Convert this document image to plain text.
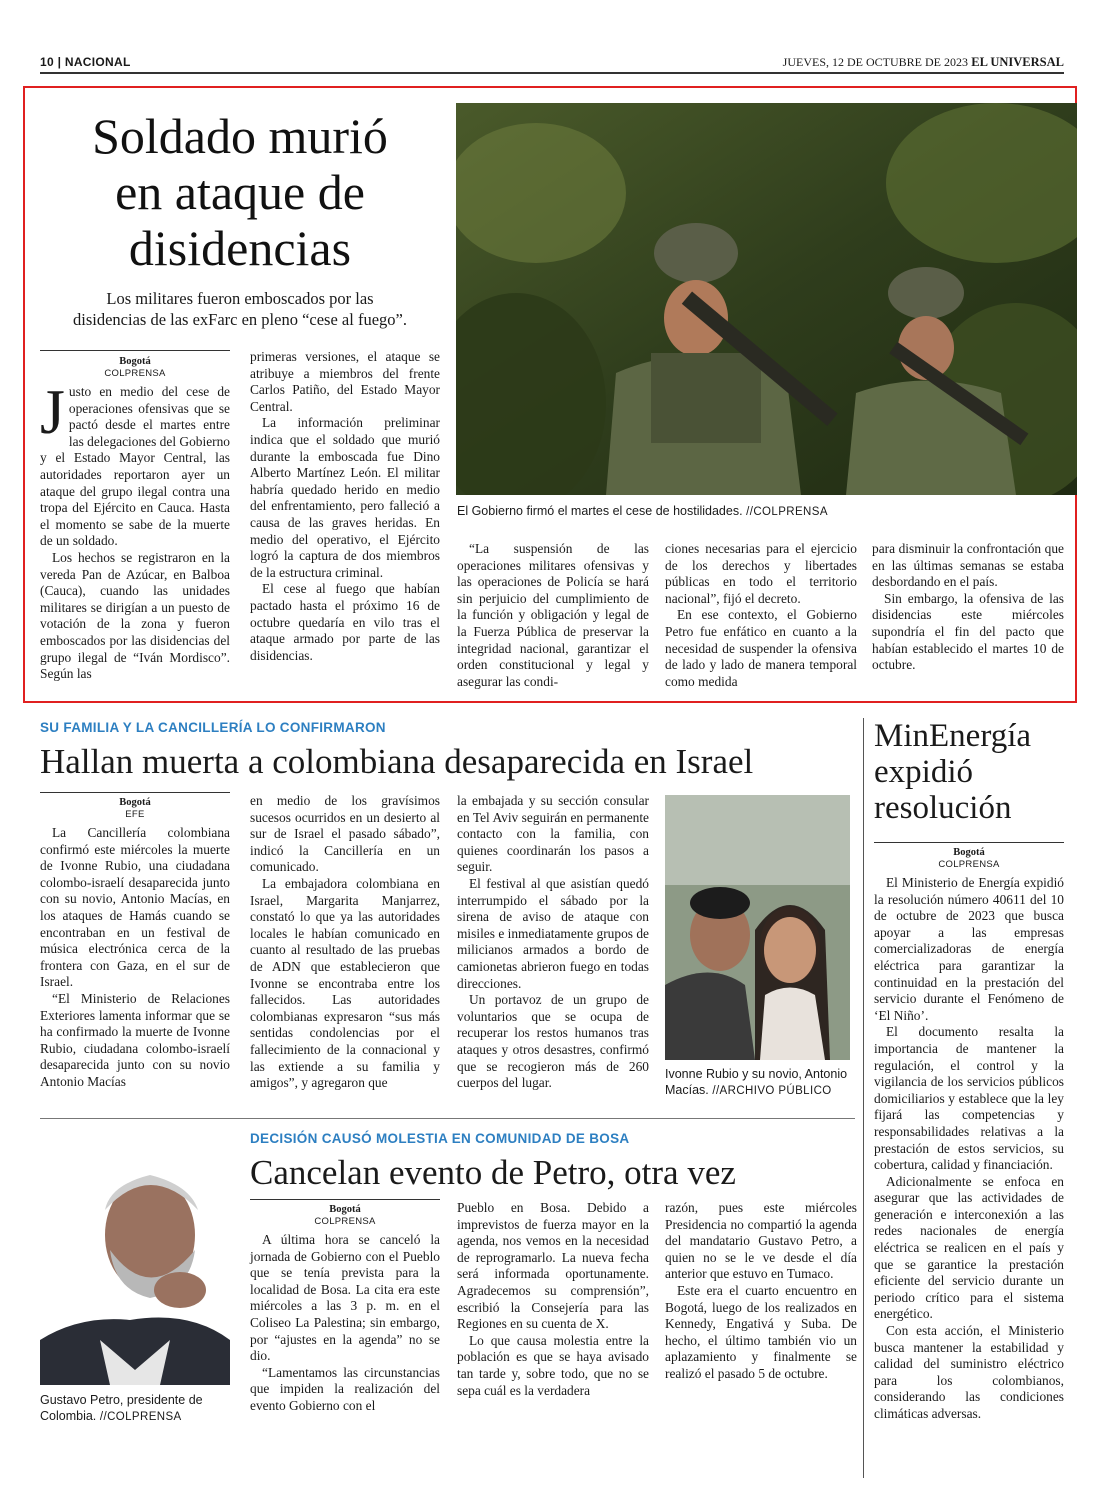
10 | NACIONAL	JUEVES, 12 DE OCTUBRE DE 2023 EL UNIVERSAL
Soldado murió
en ataque de
disidencias
Los militares fueron emboscados por las
disidencias de las exFarc en pleno “cese al fuego”.
El Gobierno firmó el martes el cese de hostilidades. //COLPRENSA
Bogotá
COLPRENSA

Justo en medio del cese de operaciones ofensivas que se pactó desde el martes entre las delegaciones del Gobierno y el Estado Mayor Central, las autoridades reportaron ayer un ataque del grupo ilegal contra una tropa del Ejército en Cauca. Hasta el momento se sabe de la muerte de un soldado.

Los hechos se registraron en la vereda Pan de Azúcar, en Balboa (Cauca), cuando las unidades militares se dirigían a un puesto de votación de la zona y fueron emboscados por las disidencias del grupo ilegal de “Iván Mordisco”. Según las

primeras versiones, el ataque se atribuye a miembros del frente Carlos Patiño, del Estado Mayor Central.

La información preliminar indica que el soldado que murió durante la emboscada fue Dino Alberto Martínez León. El militar habría quedado herido en medio del enfrentamiento, pero falleció a causa de las graves heridas. En medio del operativo, el Ejército logró la captura de dos miembros de la estructura criminal.

El cese al fuego que habían pactado hasta el próximo 16 de octubre quedaría en vilo tras el ataque armado por parte de las disidencias.

“La suspensión de las operaciones militares ofensivas y las operaciones de Policía se hará sin perjuicio del cumplimiento de la función y obligación y legal de la Fuerza Pública de preservar la integridad nacional, garantizar el orden constitucional y legal y asegurar las condi-

ciones necesarias para el ejercicio de los derechos y libertades públicas en todo el territorio nacional”, fijó el decreto.

En ese contexto, el Gobierno Petro fue enfático en cuanto a la necesidad de suspender la ofensiva de lado y lado de manera temporal como medida

para disminuir la confrontación que en las últimas semanas se estaba desbordando en el país.

Sin embargo, la ofensiva de las disidencias este miércoles supondría el fin del pacto que habían establecido el martes 10 de octubre.

SU FAMILIA Y LA CANCILLERÍA LO CONFIRMARON
Hallan muerta a colombiana desaparecida en Israel
Bogotá
EFE

La Cancillería colombiana confirmó este miércoles la muerte de Ivonne Rubio, una ciudadana colombo-israelí desaparecida junto con su novio, Antonio Macías, en los ataques de Hamás cuando se encontraban en un festival de música electrónica cerca de la frontera con Gaza, en el sur de Israel.

“El Ministerio de Relaciones Exteriores lamenta informar que se ha confirmado la muerte de Ivonne Rubio, ciudadana colombo-israelí desaparecida junto con su novio Antonio Macías

en medio de los gravísimos sucesos ocurridos en un desierto al sur de Israel el pasado sábado”, indicó la Cancillería en un comunicado.

La embajadora colombiana en Israel, Margarita Manjarrez, constató lo que ya las autoridades locales le habían comunicado en cuanto al resultado de las pruebas de ADN que establecieron que Ivonne se encontraba entre los fallecidos. Las autoridades colombianas expresaron “sus más sentidas condolencias por el fallecimiento de la connacional y las extiende a su familia y amigos”, y agregaron que

la embajada y su sección consular en Tel Aviv seguirán en permanente contacto con la familia, con quienes coordinarán los pasos a seguir.

El festival al que asistían quedó interrumpido el sábado por la sirena de aviso de ataque con misiles e inmediatamente grupos de milicianos armados a bordo de camionetas abrieron fuego en todas direcciones.

Un portavoz de un grupo de voluntarios que se ocupa de recuperar los restos humanos tras ataques y otros desastres, confirmó que se recogieron más de 260 cuerpos del lugar.

Ivonne Rubio y su novio, Antonio Macías. //ARCHIVO PÚBLICO
MinEnergía
expidió
resolución
Bogotá
COLPRENSA

El Ministerio de Energía expidió la resolución número 40611 del 10 de octubre de 2023 que busca apoyar a las empresas comercializadoras de energía eléctrica para garantizar la continuidad en la prestación del servicio durante el Fenómeno de ‘El Niño’.

El documento resalta la importancia de mantener la regulación, el control y la vigilancia de los servicios públicos domiciliarios y establece que la ley fijará las competencias y responsabilidades relativas a la prestación de estos servicios, su cobertura, calidad y financiación.

Adicionalmente se enfoca en asegurar que las actividades de generación e interconexión a las redes nacionales de energía eléctrica se realicen en el país y que se garantice la prestación eficiente del servicio durante un periodo crítico para el sistema energético.

Con esta acción, el Ministerio busca mantener la estabilidad y calidad del suministro eléctrico para los colombianos, considerando las condiciones climáticas adversas.

Gustavo Petro, presidente de Colombia. //COLPRENSA
DECISIÓN CAUSÓ MOLESTIA EN COMUNIDAD DE BOSA
Cancelan evento de Petro, otra vez
Bogotá
COLPRENSA

A última hora se canceló la jornada de Gobierno con el Pueblo que se tenía prevista para la localidad de Bosa. La cita era este miércoles a las 3 p. m. en el Coliseo La Palestina; sin embargo, por “ajustes en la agenda” no se dio.

“Lamentamos las circunstancias que impiden la realización del evento Gobierno con el

Pueblo en Bosa. Debido a imprevistos de fuerza mayor en la agenda, nos vemos en la necesidad de reprogramarlo. La nueva fecha será informada oportunamente. Agradecemos su comprensión”, escribió la Consejería para las Regiones en su cuenta de X.

Lo que causa molestia entre la población es que se haya avisado tan tarde y, sobre todo, que no se sepa cuál es la verdadera

razón, pues este miércoles Presidencia no compartió la agenda del mandatario Gustavo Petro, a quien no se le ve desde el día anterior que estuvo en Tumaco.

Este era el cuarto encuentro en Bogotá, luego de los realizados en Kennedy, Engativá y Suba. De hecho, el último también vio un aplazamiento y finalmente se realizó el pasado 5 de octubre.
